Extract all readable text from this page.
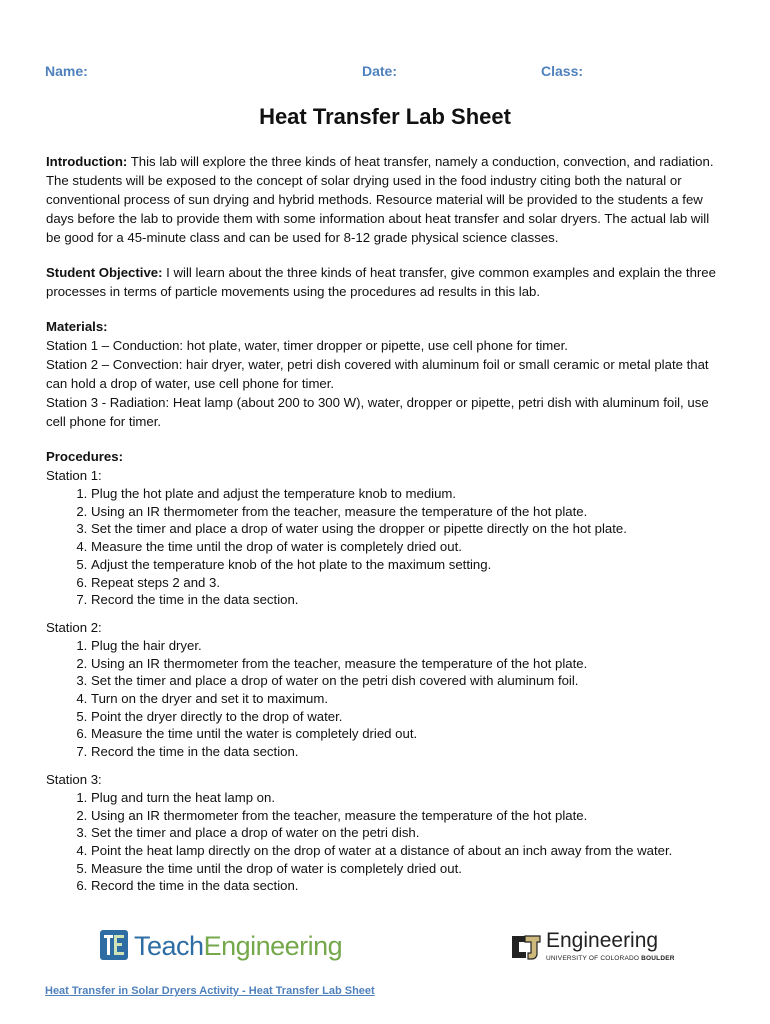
Name:	Date:	Class:
Heat Transfer Lab Sheet

Introduction: This lab will explore the three kinds of heat transfer, namely a conduction, convection, and radiation. The students will be exposed to the concept of solar drying used in the food industry citing both the natural or conventional process of sun drying and hybrid methods. Resource material will be provided to the students a few days before the lab to provide them with some information about heat transfer and solar dryers. The actual lab will be good for a 45-minute class and can be used for 8-12 grade physical science classes.

Student Objective: I will learn about the three kinds of heat transfer, give common examples and explain the three processes in terms of particle movements using the procedures ad results in this lab.

Materials:
Station 1 – Conduction: hot plate, water, timer dropper or pipette, use cell phone for timer.
Station 2 – Convection: hair dryer, water, petri dish covered with aluminum foil or small ceramic or metal plate that can hold a drop of water, use cell phone for timer.
Station 3 - Radiation: Heat lamp (about 200 to 300 W), water, dropper or pipette, petri dish with aluminum foil, use cell phone for timer.
Procedures:
Station 1:
1. Plug the hot plate and adjust the temperature knob to medium.
2. Using an IR thermometer from the teacher, measure the temperature of the hot plate.
3. Set the timer and place a drop of water using the dropper or pipette directly on the hot plate.
4. Measure the time until the drop of water is completely dried out.
5. Adjust the temperature knob of the hot plate to the maximum setting.
6. Repeat steps 2 and 3.
7. Record the time in the data section.
Station 2:
1. Plug the hair dryer.
2. Using an IR thermometer from the teacher, measure the temperature of the hot plate.
3. Set the timer and place a drop of water on the petri dish covered with aluminum foil.
4. Turn on the dryer and set it to maximum.
5. Point the dryer directly to the drop of water.
6. Measure the time until the water is completely dried out.
7. Record the time in the data section.
Station 3:
1. Plug and turn the heat lamp on.
2. Using an IR thermometer from the teacher, measure the temperature of the hot plate.
3. Set the timer and place a drop of water on the petri dish.
4. Point the heat lamp directly on the drop of water at a distance of about an inch away from the water.
5. Measure the time until the drop of water is completely dried out.
6. Record the time in the data section.
TeachEngineering	Engineering
UNIVERSITY OF COLORADO BOULDER
Heat Transfer in Solar Dryers Activity - Heat Transfer Lab Sheet
